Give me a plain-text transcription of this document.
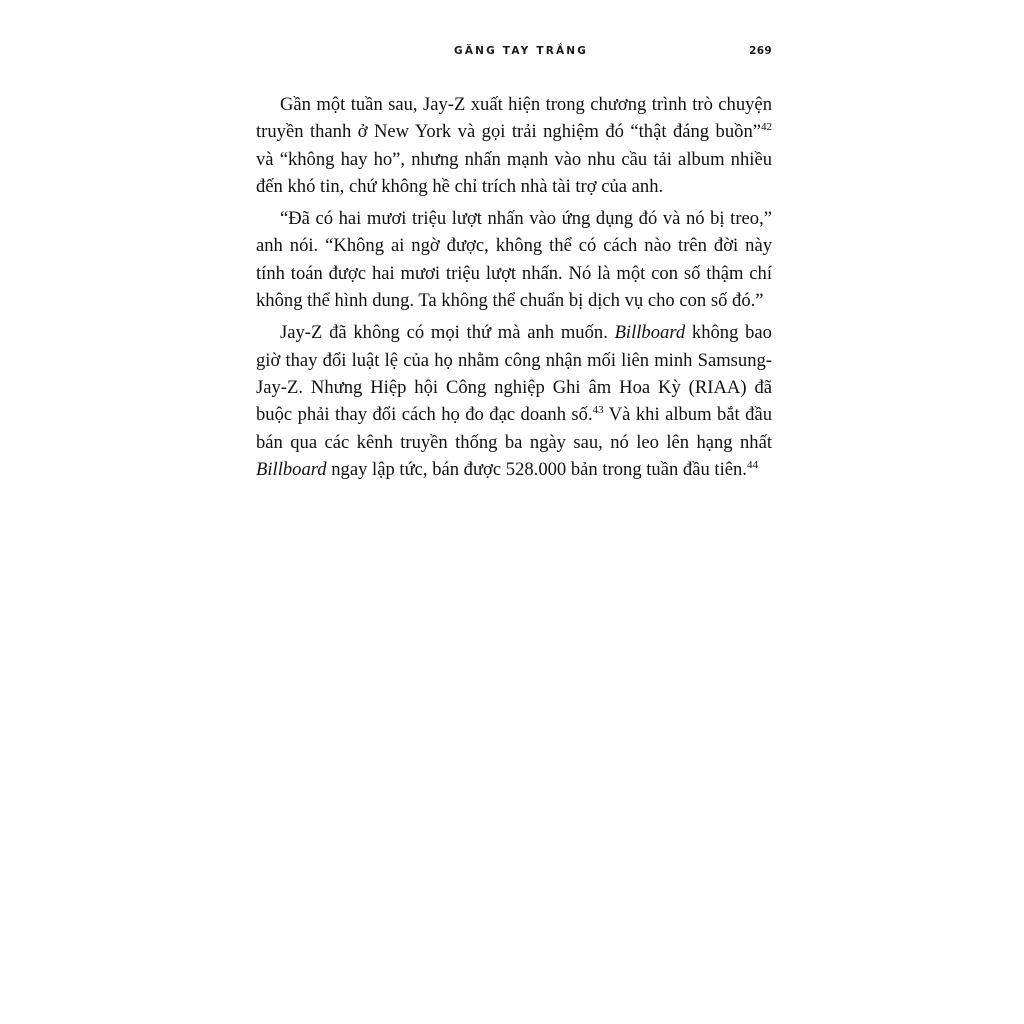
GĂNG TAY TRẮNG	269

Gần một tuần sau, Jay-Z xuất hiện trong chương trình trò chuyện truyền thanh ở New York và gọi trải nghiệm đó “thật đáng buồn”$^{42}$ và “không hay ho”, nhưng nhấn mạnh vào nhu cầu tải album nhiều đến khó tin, chứ không hề chỉ trích nhà tài trợ của anh.

“Đã có hai mươi triệu lượt nhấn vào ứng dụng đó và nó bị treo,” anh nói. “Không ai ngờ được, không thể có cách nào trên đời này tính toán được hai mươi triệu lượt nhấn. Nó là một con số thậm chí không thể hình dung. Ta không thể chuẩn bị dịch vụ cho con số đó.”

Jay-Z đã không có mọi thứ mà anh muốn. Billboard không bao giờ thay đổi luật lệ của họ nhằm công nhận mối liên minh Samsung-Jay-Z. Nhưng Hiệp hội Công nghiệp Ghi âm Hoa Kỳ (RIAA) đã buộc phải thay đổi cách họ đo đạc doanh số.$^{43}$ Và khi album bắt đầu bán qua các kênh truyền thống ba ngày sau, nó leo lên hạng nhất Billboard ngay lập tức, bán được 528.000 bản trong tuần đầu tiên.$^{44}$
